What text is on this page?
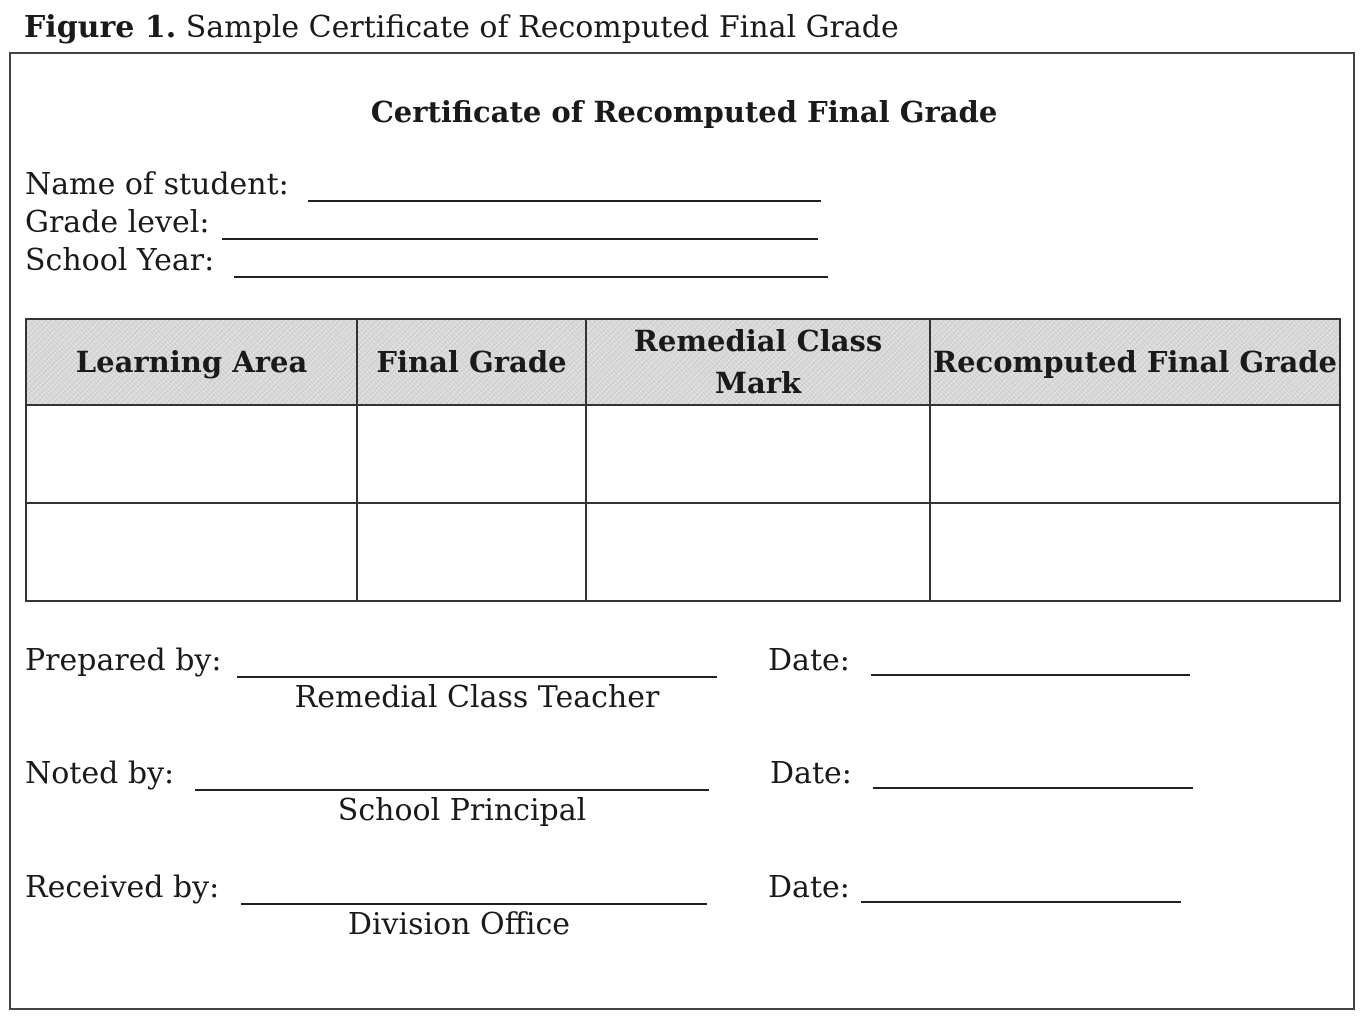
Figure 1. Sample Certificate of Recomputed Final Grade
Certificate of Recomputed Final Grade
Name of student:
Grade level:
School Year:
Learning Area	Final Grade	Remedial Class Mark	Recomputed Final Grade

Prepared by:
Remedial Class Teacher
Date:
Noted by:
School Principal
Date:
Received by:
Division Office
Date:
